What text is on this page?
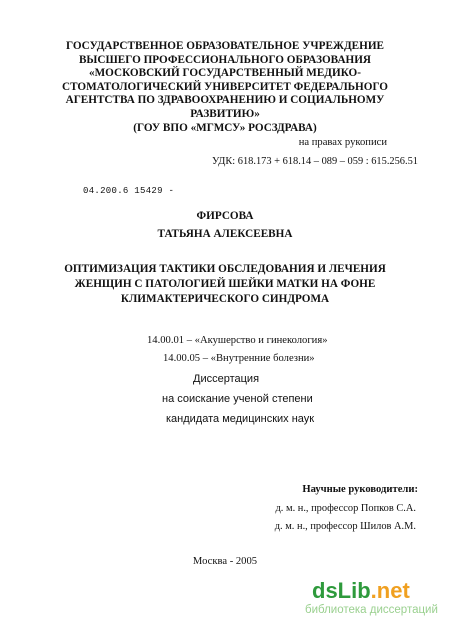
ГОСУДАРСТВЕННОЕ ОБРАЗОВАТЕЛЬНОЕ УЧРЕЖДЕНИЕ
ВЫСШЕГО ПРОФЕССИОНАЛЬНОГО ОБРАЗОВАНИЯ
«МОСКОВСКИЙ ГОСУДАРСТВЕННЫЙ МЕДИКО-
СТОМАТОЛОГИЧЕСКИЙ УНИВЕРСИТЕТ ФЕДЕРАЛЬНОГО
АГЕНТСТВА ПО ЗДРАВООХРАНЕНИЮ И СОЦИАЛЬНОМУ
РАЗВИТИЮ»
(ГОУ ВПО «МГМСУ» РОСЗДРАВА)
на правах рукописи
УДК: 618.173 + 618.14 – 089 – 059 : 615.256.51
04.200.6 15429 -
ФИРСОВА
ТАТЬЯНА АЛЕКСЕЕВНА
ОПТИМИЗАЦИЯ ТАКТИКИ ОБСЛЕДОВАНИЯ И ЛЕЧЕНИЯ
ЖЕНЩИН С ПАТОЛОГИЕЙ ШЕЙКИ МАТКИ НА ФОНЕ
КЛИМАКТЕРИЧЕСКОГО СИНДРОМА
14.00.01 – «Акушерство и гинекология»
14.00.05 – «Внутренние болезни»
Диссертация
на соискание ученой степени
кандидата медицинских наук
Научные руководители:
д. м. н., профессор Попков С.А.
д. м. н., профессор Шилов А.М.
Москва - 2005
dsLib.net
библиотека диссертаций
